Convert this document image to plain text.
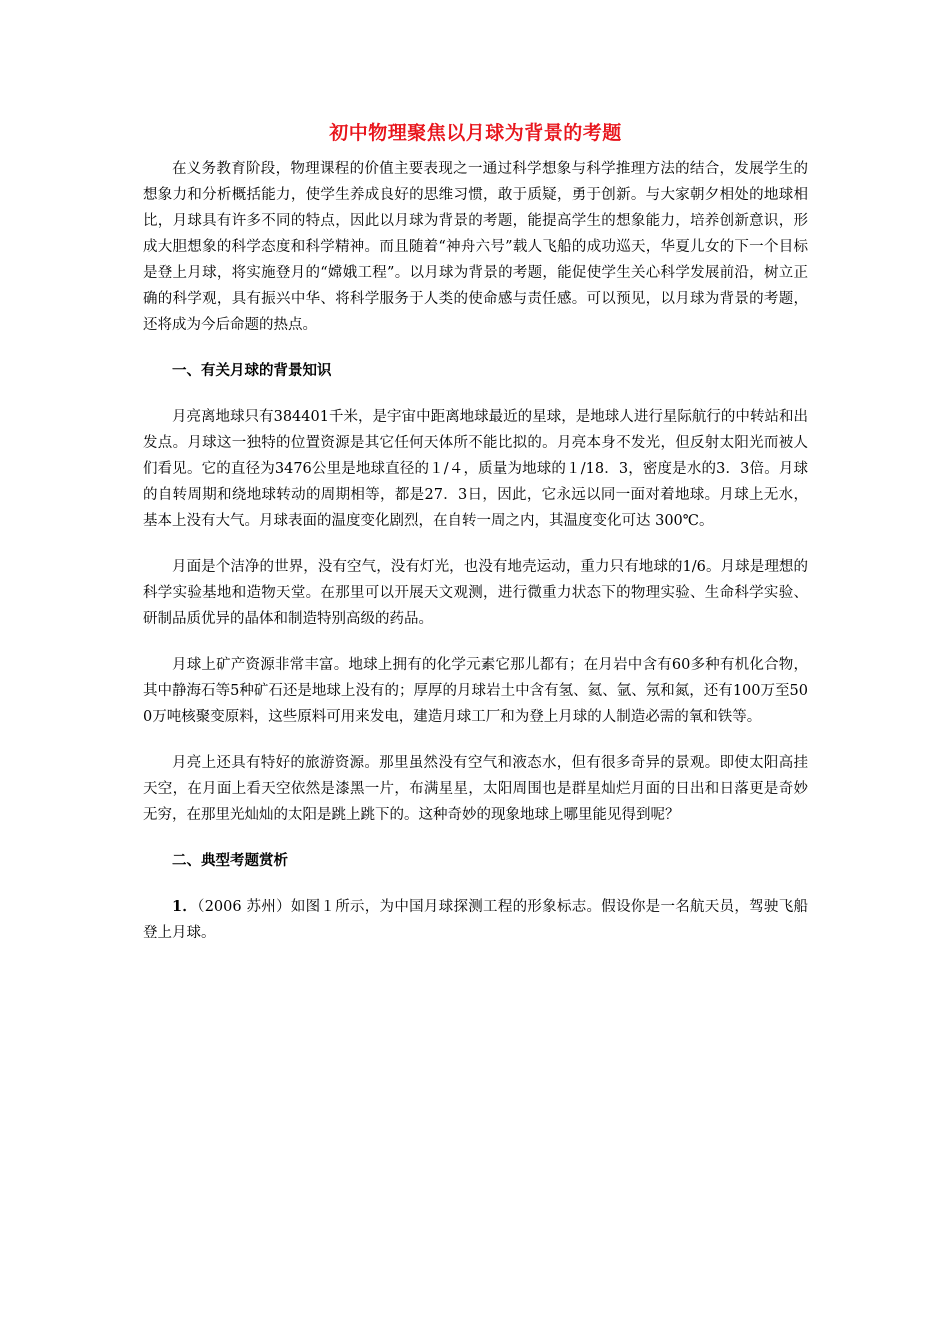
初中物理聚焦以月球为背景的考题

在义务教育阶段，物理课程的价值主要表现之一通过科学想象与科学推理方法的结合，发展学生的想象力和分析概括能力，使学生养成良好的思维习惯，敢于质疑，勇于创新。与大家朝夕相处的地球相比，月球具有许多不同的特点，因此以月球为背景的考题，能提高学生的想象能力，培养创新意识，形成大胆想象的科学态度和科学精神。而且随着“神舟六号”载人飞船的成功巡天，华夏儿女的下一个目标是登上月球，将实施登月的“嫦娥工程”。以月球为背景的考题，能促使学生关心科学发展前沿，树立正确的科学观，具有振兴中华、将科学服务于人类的使命感与责任感。可以预见，以月球为背景的考题，还将成为今后命题的热点。

一、有关月球的背景知识

月亮离地球只有384401千米，是宇宙中距离地球最近的星球，是地球人进行星际航行的中转站和出发点。月球这一独特的位置资源是其它任何天体所不能比拟的。月亮本身不发光，但反射太阳光而被人们看见。它的直径为3476公里是地球直径的１/４，质量为地球的１/18．3，密度是水的3．3倍。月球的自转周期和绕地球转动的周期相等，都是27．3日，因此，它永远以同一面对着地球。月球上无水，基本上没有大气。月球表面的温度变化剧烈，在自转一周之内，其温度变化可达 300℃。

月面是个洁净的世界，没有空气，没有灯光，也没有地壳运动，重力只有地球的1/6。月球是理想的科学实验基地和造物天堂。在那里可以开展天文观测，进行微重力状态下的物理实验、生命科学实验、研制品质优异的晶体和制造特别高级的药品。

月球上矿产资源非常丰富。地球上拥有的化学元素它那儿都有；在月岩中含有60多种有机化合物，其中静海石等5种矿石还是地球上没有的；厚厚的月球岩土中含有氢、氦、氩、氖和氮，还有100万至500万吨核聚变原料，这些原料可用来发电，建造月球工厂和为登上月球的人制造必需的氧和铁等。

月亮上还具有特好的旅游资源。那里虽然没有空气和液态水，但有很多奇异的景观。即使太阳高挂天空，在月面上看天空依然是漆黑一片，布满星星，太阳周围也是群星灿烂月面的日出和日落更是奇妙无穷，在那里光灿灿的太阳是跳上跳下的。这种奇妙的现象地球上哪里能见得到呢？

二、典型考题赏析

1．（2006 苏州）如图１所示，为中国月球探测工程的形象标志。假设你是一名航天员，驾驶飞船登上月球。
